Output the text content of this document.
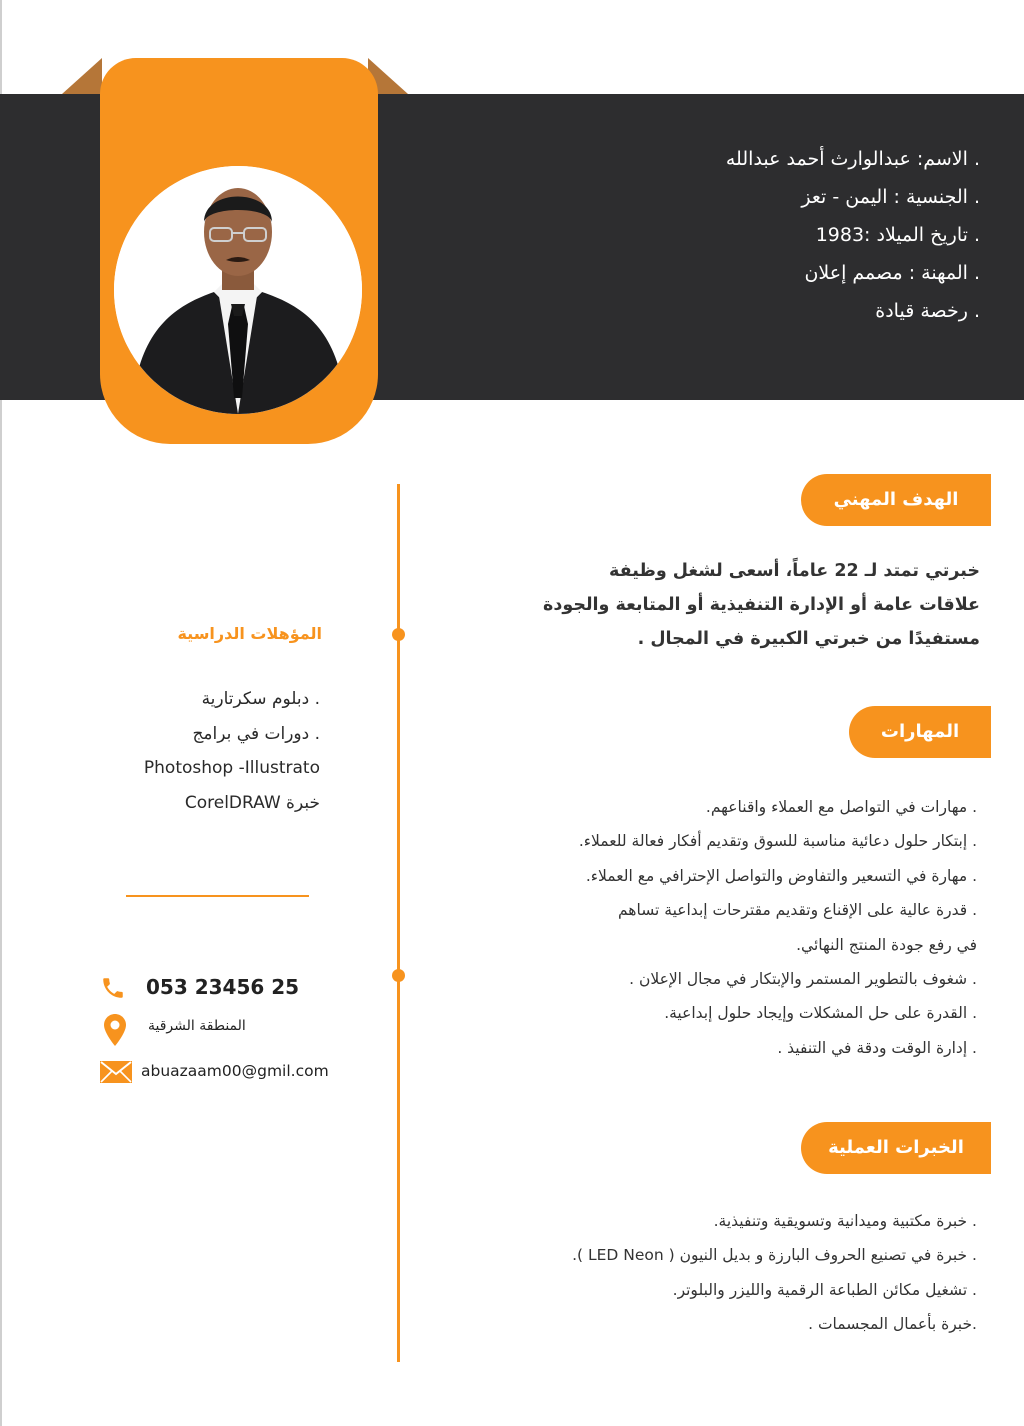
. الاسم: عبدالوارث أحمد عبدالله
. الجنسية : اليمن - تعز
. تاريخ الميلاد :1983
. المهنة : مصمم إعلان
. رخصة قيادة
الهدف المهني
خبرتي تمتد لـ 22 عاماً، أسعى لشغل وظيفة
علاقات عامة أو الإدارة التنفيذية أو المتابعة والجودة
مستفيدًا من خبرتي الكبيرة في المجال .
المهارات
. مهارات في التواصل مع العملاء واقناعهم.
. إبتكار حلول دعائية مناسبة للسوق وتقديم أفكار فعالة للعملاء.
. مهارة في التسعير والتفاوض والتواصل الإحترافي مع العملاء.
. قدرة عالية على الإقناع وتقديم مقترحات إبداعية تساهم
في رفع جودة المنتج النهائي.
. شغوف بالتطوير المستمر والإبتكار في مجال الإعلان .
. القدرة على حل المشكلات وإيجاد حلول إبداعية.
. إدارة الوقت ودقة في التنفيذ .
الخبرات العملية
. خبرة مكتبية وميدانية وتسويقية وتنفيذية.
. خبرة في تصنيع الحروف البارزة و بديل النيون ( LED Neon ).
. تشغيل مكائن الطباعة الرقمية والليزر والبلوتر.
.خبرة بأعمال المجسمات .
المؤهلات الدراسية
. دبلوم سكرتارية
. دورات في برامج
Photoshop -Illustrato
خبرة CorelDRAW
053 23456 25
المنطقة الشرقية
abuazaam00@gmil.com
